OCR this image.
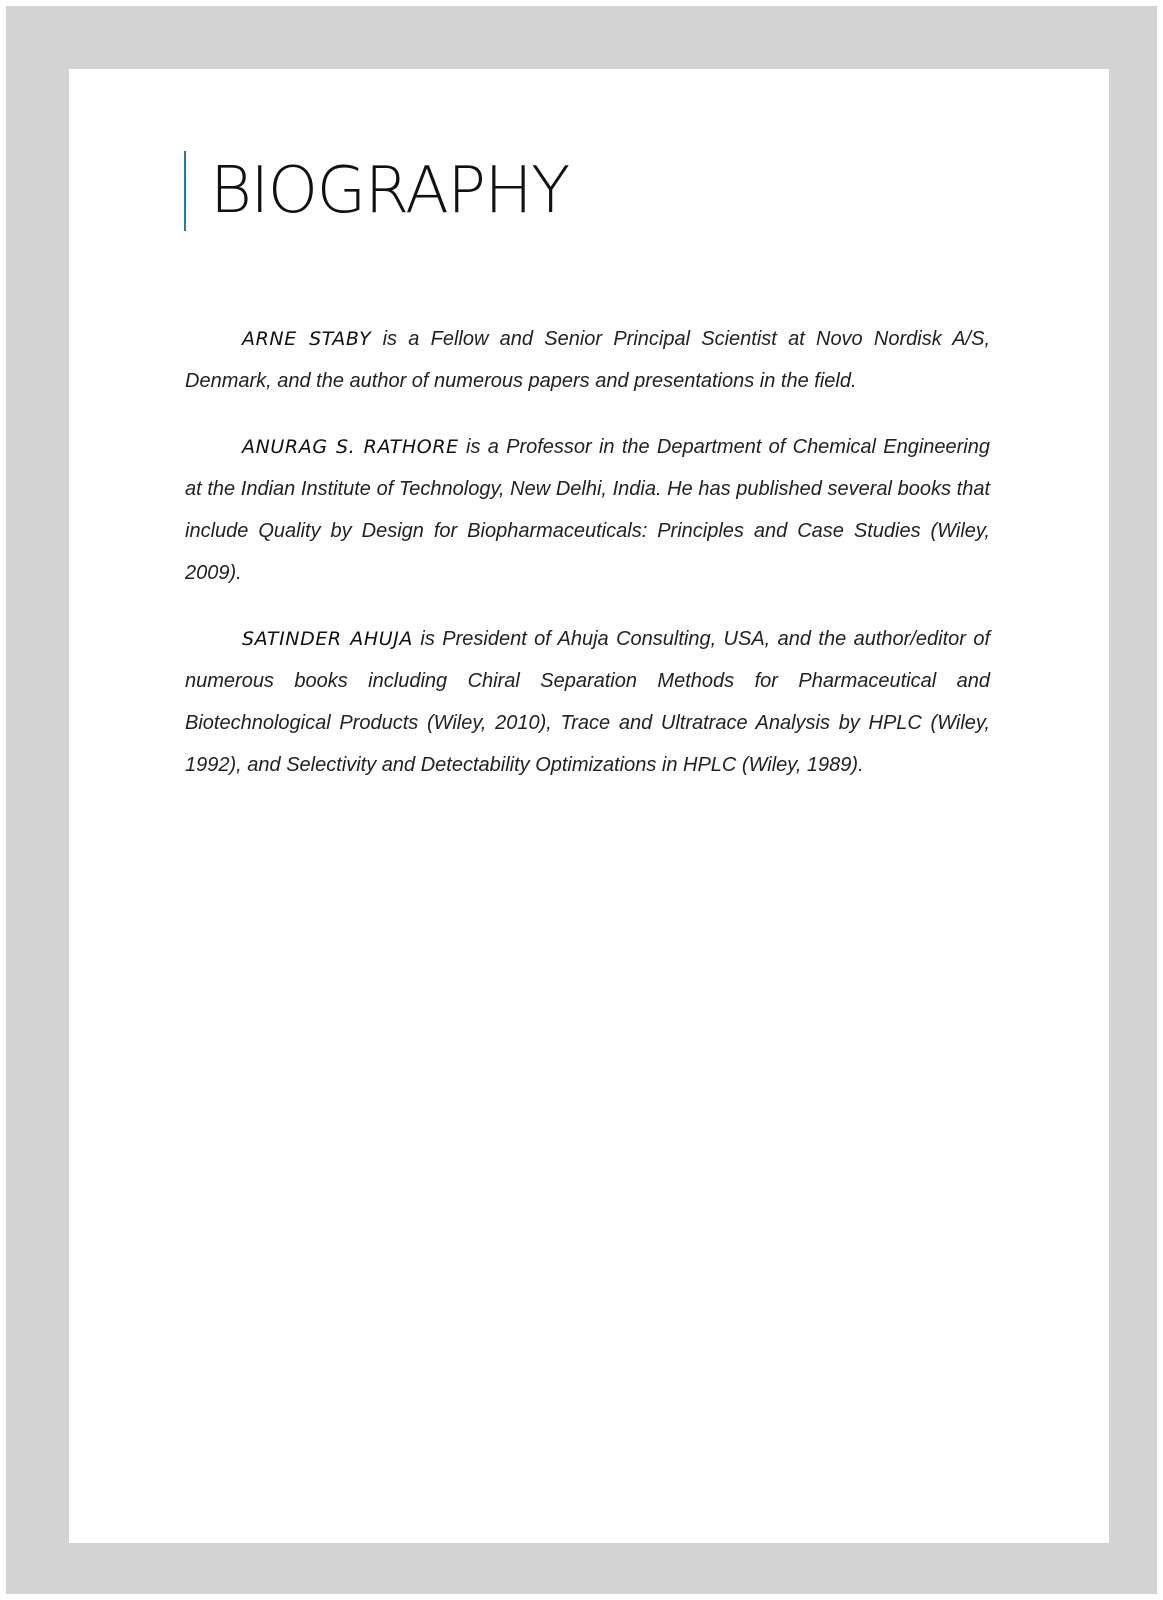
BIOGRAPHY

ARNE STABY is a Fellow and Senior Principal Scientist at Novo Nordisk A/S, Denmark, and the author of numerous papers and presentations in the field.

ANURAG S. RATHORE is a Professor in the Department of Chemical Engineering at the Indian Institute of Technology, New Delhi, India. He has published several books that include Quality by Design for Biopharmaceuticals: Principles and Case Studies (Wiley, 2009).

SATINDER AHUJA is President of Ahuja Consulting, USA, and the author/editor of numerous books including Chiral Separation Methods for Pharmaceutical and Biotechnological Products (Wiley, 2010), Trace and Ultratrace Analysis by HPLC (Wiley, 1992), and Selectivity and Detectability Optimizations in HPLC (Wiley, 1989).
